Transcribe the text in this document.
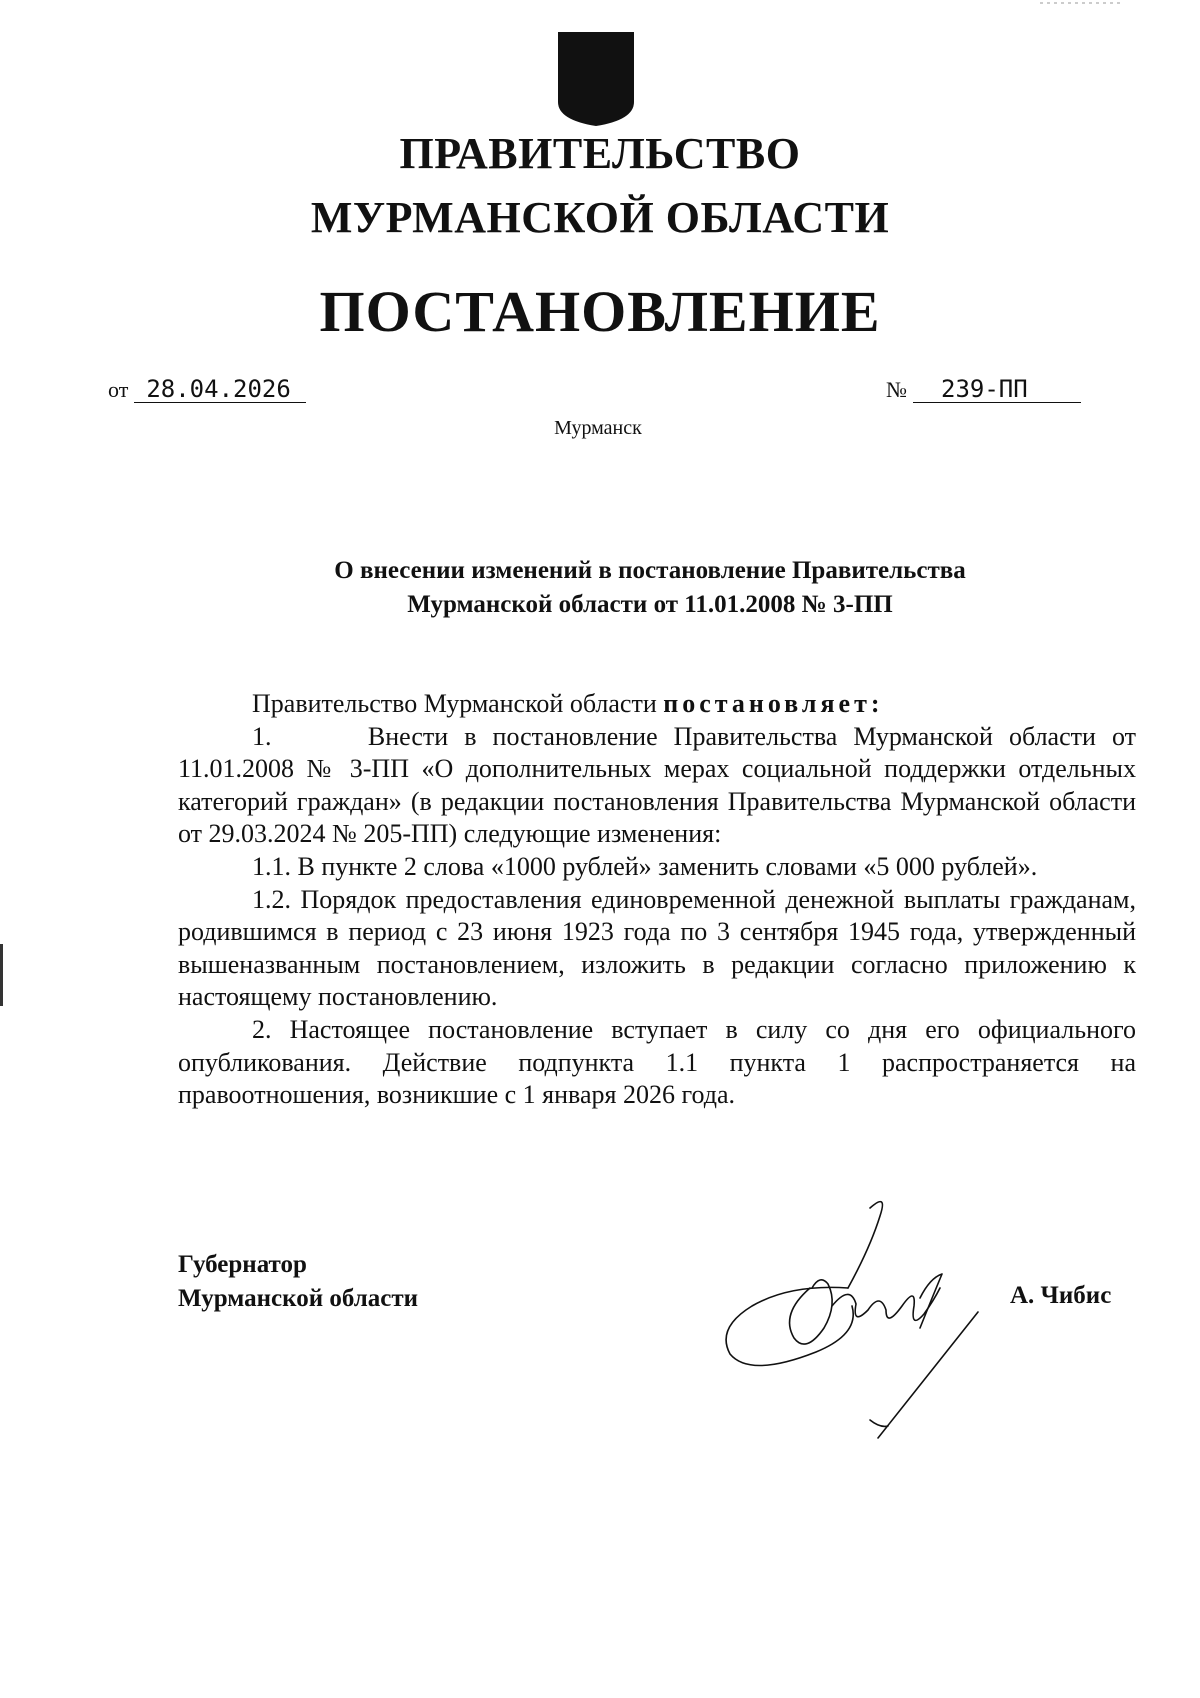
ПРАВИТЕЛЬСТВО
МУРМАНСКОЙ ОБЛАСТИ
ПОСТАНОВЛЕНИЕ
от 28.04.2026	№ 239-ПП
Мурманск
О внесении изменений в постановление Правительства
Мурманской области от 11.01.2008 № 3-ПП

Правительство Мурманской области постановляет:

1.      Внести в постановление Правительства Мурманской области от 11.01.2008 № 3-ПП «О дополнительных мерах социальной поддержки отдельных категорий граждан» (в редакции постановления Правительства Мурманской области от 29.03.2024 № 205-ПП) следующие изменения:

1.1. В пункте 2 слова «1000 рублей» заменить словами «5 000 рублей».

1.2. Порядок предоставления единовременной денежной выплаты гражданам, родившимся в период с 23 июня 1923 года по 3 сентября 1945 года, утвержденный вышеназванным постановлением, изложить в редакции согласно приложению к настоящему постановлению.

2. Настоящее постановление вступает в силу со дня его официального опубликования. Действие подпункта 1.1 пункта 1 распространяется на правоотношения, возникшие с 1 января 2026 года.

Губернатор
Мурманской области	А. Чибис
